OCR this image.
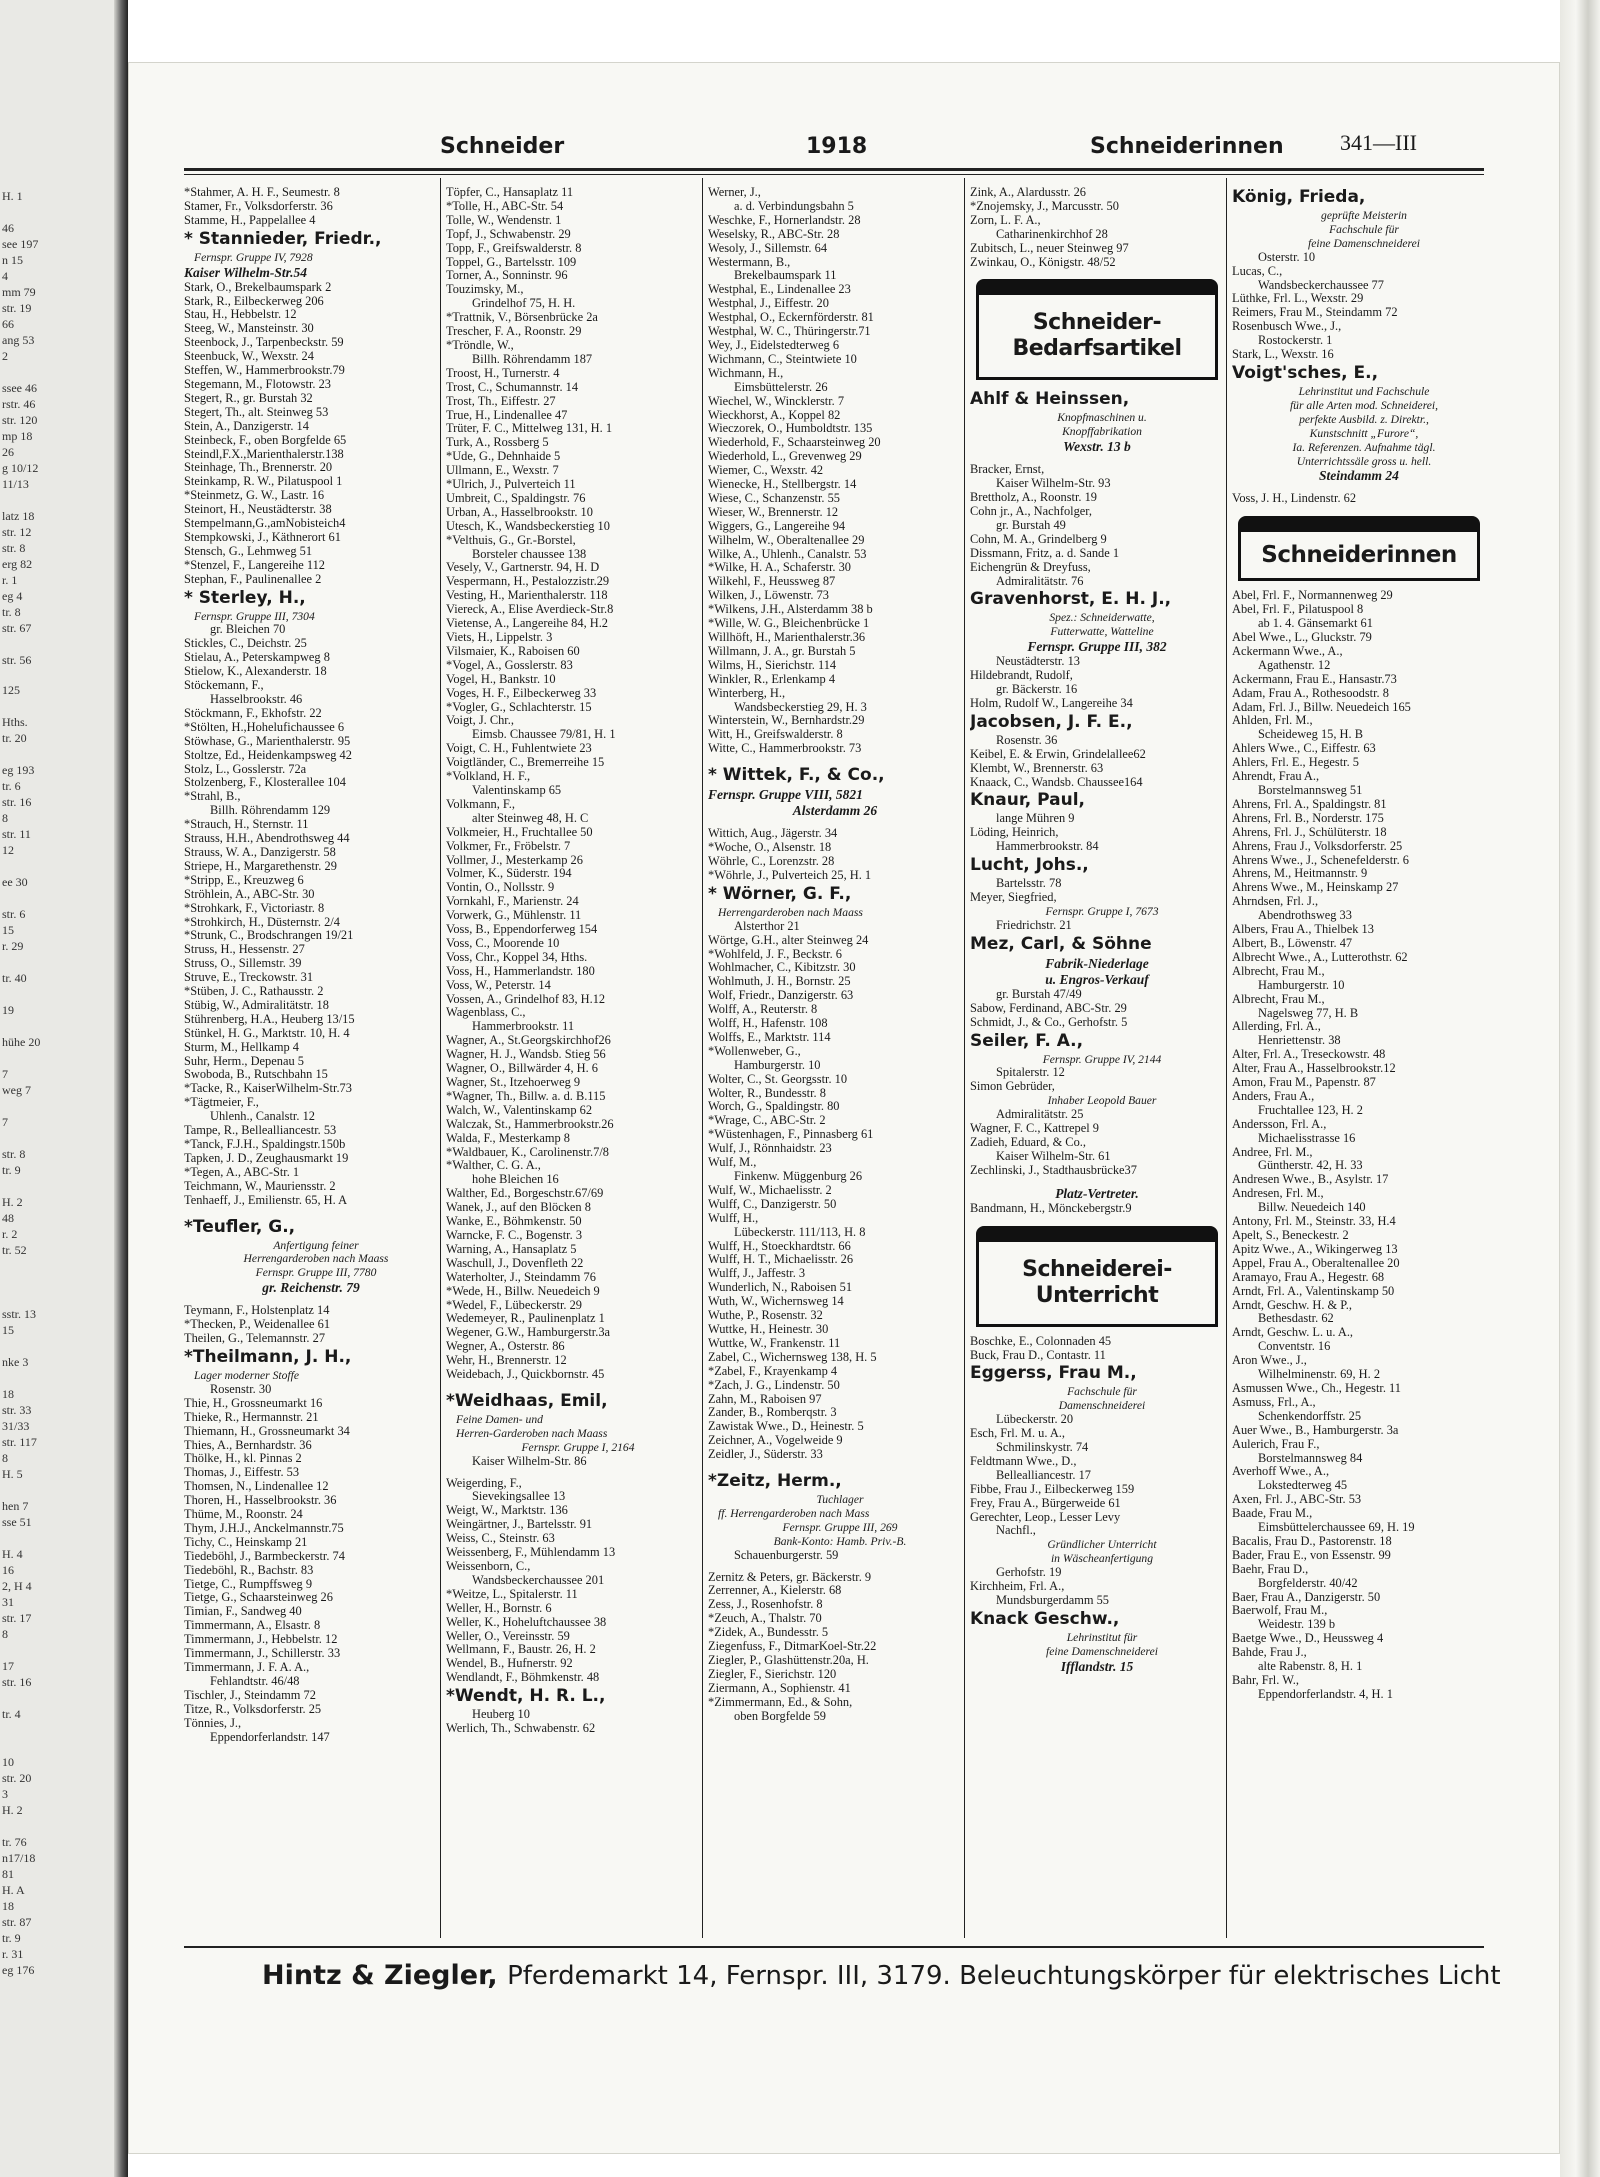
H. 1
46
see 197
n 15
4
mm 79
str. 19
66
ang 53
2
ssee 46
rstr. 46
str. 120
mp 18
26
g 10/12
11/13
latz 18
str. 12
str. 8
erg 82
r. 1
eg 4
tr. 8
str. 67
str. 56
125
Hths.
tr. 20
eg 193
tr. 6
str. 16
8
str. 11
12
ee 30
str. 6
15
r. 29
tr. 40
19
hühe 20
7
weg 7
7
str. 8
tr. 9
H. 2
48
r. 2
tr. 52
sstr. 13
15
nke 3
18
str. 33
31/33
str. 117
8
H. 5
hen 7
sse 51
H. 4
16
2, H 4
31
str. 17
8
17
str. 16
tr. 4
10
str. 20
3
H. 2
tr. 76
n17/18
81
H. A
18
str. 87
tr. 9
r. 31
eg 176
Schneider	1918	Schneiderinnen	341—III
*Stahmer, A. H. F., Seumestr. 8
Stamer, Fr., Volksdorferstr. 36
Stamme, H., Pappelallee 4
* Stannieder, Friedr.,
Fernspr. Gruppe IV, 7928
Kaiser Wilhelm-Str.54
Stark, O., Brekelbaumspark 2
Stark, R., Eilbeckerweg 206
Stau, H., Hebbelstr. 12
Steeg, W., Mansteinstr. 30
Steenbock, J., Tarpenbeckstr. 59
Steenbuck, W., Wexstr. 24
Steffen, W., Hammerbrookstr.79
Stegemann, M., Flotowstr. 23
Stegert, R., gr. Burstah 32
Stegert, Th., alt. Steinweg 53
Stein, A., Danzigerstr. 14
Steinbeck, F., oben Borgfelde 65
Steindl,F.X.,Marienthalerstr.138
Steinhage, Th., Brennerstr. 20
Steinkamp, R. W., Pilatuspool 1
*Steinmetz, G. W., Lastr. 16
Steinort, H., Neustädterstr. 38
Stempelmann,G.,amNobisteich4
Stempkowski, J., Käthnerort 61
Stensch, G., Lehmweg 51
*Stenzel, F., Langereihe 112
Stephan, F., Paulinenallee 2
* Sterley, H.,
Fernspr. Gruppe III, 7304
gr. Bleichen 70
Stickles, C., Deichstr. 25
Stielau, A., Peterskampweg 8
Stielow, K., Alexanderstr. 18
Stöckemann, F.,
Hasselbrookstr. 46
Stöckmann, F., Ekhofstr. 22
*Stölten, H.,Hohelufichaussee 6
Stöwhase, G., Marienthalerstr. 95
Stoltze, Ed., Heidenkampsweg 42
Stolz, L., Gosslerstr. 72a
Stolzenberg, F., Klosterallee 104
*Strahl, B.,
Billh. Röhrendamm 129
*Strauch, H., Sternstr. 11
Strauss, H.H., Abendrothsweg 44
Strauss, W. A., Danzigerstr. 58
Striepe, H., Margarethenstr. 29
*Stripp, E., Kreuzweg 6
Ströhlein, A., ABC-Str. 30
*Strohkark, F., Victoriastr. 8
*Strohkirch, H., Düsternstr. 2/4
*Strunk, C., Brodschrangen 19/21
Struss, H., Hessenstr. 27
Struss, O., Sillemstr. 39
Struve, E., Treckowstr. 31
*Stüben, J. C., Rathausstr. 2
Stübig, W., Admiralitätstr. 18
Stührenberg, H.A., Heuberg 13/15
Stünkel, H. G., Marktstr. 10, H. 4
Sturm, M., Hellkamp 4
Suhr, Herm., Depenau 5
Swoboda, B., Rutschbahn 15
*Tacke, R., KaiserWilhelm-Str.73
*Tägtmeier, F.,
Uhlenh., Canalstr. 12
Tampe, R., Bellealliancestr. 53
*Tanck, F.J.H., Spaldingstr.150b
Tapken, J. D., Zeughausmarkt 19
*Tegen, A., ABC-Str. 1
Teichmann, W., Mauriensstr. 2
Tenhaeff, J., Emilienstr. 65, H. A
*Teufler, G.,
Anfertigung feiner
Herrengarderoben nach Maass
Fernspr. Gruppe III, 7780
gr. Reichenstr. 79
Teymann, F., Holstenplatz 14
*Thecken, P., Weidenallee 61
Theilen, G., Telemannstr. 27
*Theilmann, J. H.,
Lager moderner Stoffe
Rosenstr. 30
Thie, H., Grossneumarkt 16
Thieke, R., Hermannstr. 21
Thiemann, H., Grossneumarkt 34
Thies, A., Bernhardstr. 36
Thölke, H., kl. Pinnas 2
Thomas, J., Eiffestr. 53
Thomsen, N., Lindenallee 12
Thoren, H., Hasselbrookstr. 36
Thüme, M., Roonstr. 24
Thym, J.H.J., Anckelmannstr.75
Tichy, C., Heinskamp 21
Tiedeböhl, J., Barmbeckerstr. 74
Tiedeböhl, R., Bachstr. 83
Tietge, C., Rumpffsweg 9
Tietge, G., Schaarsteinweg 26
Timian, F., Sandweg 40
Timmermann, A., Elsastr. 8
Timmermann, J., Hebbelstr. 12
Timmermann, J., Schillerstr. 33
Timmermann, J. F. A. A.,
Fehlandtstr. 46/48
Tischler, J., Steindamm 72
Titze, R., Volksdorferstr. 25
Tönnies, J.,
Eppendorferlandstr. 147
Töpfer, C., Hansaplatz 11
*Tolle, H., ABC-Str. 54
Tolle, W., Wendenstr. 1
Topf, J., Schwabenstr. 29
Topp, F., Greifswalderstr. 8
Toppel, G., Bartelsstr. 109
Torner, A., Sonninstr. 96
Touzimsky, M.,
Grindelhof 75, H. H.
*Trattnik, V., Börsenbrücke 2a
Trescher, F. A., Roonstr. 29
*Tröndle, W.,
Billh. Röhrendamm 187
Troost, H., Turnerstr. 4
Trost, C., Schumannstr. 14
Trost, Th., Eiffestr. 27
True, H., Lindenallee 47
Trüter, F. C., Mittelweg 131, H. 1
Turk, A., Rossberg 5
*Ude, G., Dehnhaide 5
Ullmann, E., Wexstr. 7
*Ulrich, J., Pulverteich 11
Umbreit, C., Spaldingstr. 76
Urban, A., Hasselbrookstr. 10
Utesch, K., Wandsbeckerstieg 10
*Velthuis, G., Gr.-Borstel,
Borsteler chaussee 138
Vesely, V., Gartnerstr. 94, H. D
Vespermann, H., Pestalozzistr.29
Vesting, H., Marienthalerstr. 118
Viereck, A., Elise Averdieck-Str.8
Vietense, A., Langereihe 84, H.2
Viets, H., Lippelstr. 3
Vilsmaier, K., Raboisen 60
*Vogel, A., Gosslerstr. 83
Vogel, H., Bankstr. 10
Voges, H. F., Eilbeckerweg 33
*Vogler, G., Schlachterstr. 15
Voigt, J. Chr.,
Eimsb. Chaussee 79/81, H. 1
Voigt, C. H., Fuhlentwiete 23
Voigtländer, C., Bremerreihe 15
*Volkland, H. F.,
Valentinskamp 65
Volkmann, F.,
alter Steinweg 48, H. C
Volkmeier, H., Fruchtallee 50
Volkmer, Fr., Fröbelstr. 7
Vollmer, J., Mesterkamp 26
Volmer, K., Süderstr. 194
Vontin, O., Nollsstr. 9
Vornkahl, F., Marienstr. 24
Vorwerk, G., Mühlenstr. 11
Voss, B., Eppendorferweg 154
Voss, C., Moorende 10
Voss, Chr., Koppel 34, Hths.
Voss, H., Hammerlandstr. 180
Voss, W., Peterstr. 14
Vossen, A., Grindelhof 83, H.12
Wagenblass, C.,
Hammerbrookstr. 11
Wagner, A., St.Georgskirchhof26
Wagner, H. J., Wandsb. Stieg 56
Wagner, O., Billwärder 4, H. 6
Wagner, St., Itzehoerweg 9
*Wagner, Th., Billw. a. d. B.115
Walch, W., Valentinskamp 62
Walczak, St., Hammerbrookstr.26
Walda, F., Mesterkamp 8
*Waldbauer, K., Carolinenstr.7/8
*Walther, C. G. A.,
hohe Bleichen 16
Walther, Ed., Borgeschstr.67/69
Wanek, J., auf den Blöcken 8
Wanke, E., Böhmkenstr. 50
Warncke, F. C., Bogenstr. 3
Warning, A., Hansaplatz 5
Waschull, J., Dovenfleth 22
Waterholter, J., Steindamm 76
*Wede, H., Billw. Neuedeich 9
*Wedel, F., Lübeckerstr. 29
Wedemeyer, R., Paulinenplatz 1
Wegener, G.W., Hamburgerstr.3a
Wegner, A., Osterstr. 86
Wehr, H., Brennerstr. 12
Weidebach, J., Quickbornstr. 45
*Weidhaas, Emil,
Feine Damen- und
Herren-Garderoben nach Maass
Fernspr. Gruppe I, 2164
Kaiser Wilhelm-Str. 86
Weigerding, F.,
Sievekingsallee 13
Weigt, W., Marktstr. 136
Weingärtner, J., Bartelsstr. 91
Weiss, C., Steinstr. 63
Weissenberg, F., Mühlendamm 13
Weissenborn, C.,
Wandsbeckerchaussee 201
*Weitze, L., Spitalerstr. 11
Weller, H., Bornstr. 6
Weller, K., Hoheluftchaussee 38
Weller, O., Vereinsstr. 59
Wellmann, F., Baustr. 26, H. 2
Wendel, B., Hufnerstr. 92
Wendlandt, F., Böhmkenstr. 48
*Wendt, H. R. L.,
Heuberg 10
Werlich, Th., Schwabenstr. 62
Werner, J.,
a. d. Verbindungsbahn 5
Weschke, F., Hornerlandstr. 28
Weselsky, R., ABC-Str. 28
Wesoly, J., Sillemstr. 64
Westermann, B.,
Brekelbaumspark 11
Westphal, E., Lindenallee 23
Westphal, J., Eiffestr. 20
Westphal, O., Eckernförderstr. 81
Westphal, W. C., Thüringerstr.71
Wey, J., Eidelstedterweg 6
Wichmann, C., Steintwiete 10
Wichmann, H.,
Eimsbüttelerstr. 26
Wiechel, W., Wincklerstr. 7
Wieckhorst, A., Koppel 82
Wieczorek, O., Humboldtstr. 135
Wiederhold, F., Schaarsteinweg 20
Wiederhold, L., Grevenweg 29
Wiemer, C., Wexstr. 42
Wienecke, H., Stellbergstr. 14
Wiese, C., Schanzenstr. 55
Wieser, W., Brennerstr. 12
Wiggers, G., Langereihe 94
Wilhelm, W., Oberaltenallee 29
Wilke, A., Uhlenh., Canalstr. 53
*Wilke, H. A., Schaferstr. 30
Wilkehl, F., Heussweg 87
Wilken, J., Löwenstr. 73
*Wilkens, J.H., Alsterdamm 38 b
*Wille, W. G., Bleichenbrücke 1
Willhöft, H., Marienthalerstr.36
Willmann, J. A., gr. Burstah 5
Wilms, H., Sierichstr. 114
Winkler, R., Erlenkamp 4
Winterberg, H.,
Wandsbeckerstieg 29, H. 3
Winterstein, W., Bernhardstr.29
Witt, H., Greifswalderstr. 8
Witte, C., Hammerbrookstr. 73
* Wittek, F., & Co.,
Fernspr. Gruppe VIII, 5821
Alsterdamm 26
Wittich, Aug., Jägerstr. 34
*Woche, O., Alsenstr. 18
Wöhrle, C., Lorenzstr. 28
*Wöhrle, J., Pulverteich 25, H. 1
* Wörner, G. F.,
Herrengarderoben nach Maass
Alsterthor 21
Wörtge, G.H., alter Steinweg 24
*Wohlfeld, J. F., Beckstr. 6
Wohlmacher, C., Kibitzstr. 30
Wohlmuth, J. H., Bornstr. 25
Wolf, Friedr., Danzigerstr. 63
Wolff, A., Reuterstr. 8
Wolff, H., Hafenstr. 108
Wolffs, E., Marktstr. 114
*Wollenweber, G.,
Hamburgerstr. 10
Wolter, C., St. Georgsstr. 10
Wolter, R., Bundesstr. 8
Worch, G., Spaldingstr. 80
*Wrage, C., ABC-Str. 2
*Wüstenhagen, F., Pinnasberg 61
Wulf, J., Rönnhaidstr. 23
Wulf, M.,
Finkenw. Müggenburg 26
Wulf, W., Michaelisstr. 2
Wulff, C., Danzigerstr. 50
Wulff, H.,
Lübeckerstr. 111/113, H. 8
Wulff, H., Stoeckhardtstr. 66
Wulff, H. T., Michaelisstr. 26
Wulff, J., Jaffestr. 3
Wunderlich, N., Raboisen 51
Wuth, W., Wichernsweg 14
Wuthe, P., Rosenstr. 32
Wuttke, H., Heinestr. 30
Wuttke, W., Frankenstr. 11
Zabel, C., Wichernsweg 138, H. 5
*Zabel, F., Krayenkamp 4
*Zach, J. G., Lindenstr. 50
Zahn, M., Raboisen 97
Zander, B., Romberqstr. 3
Zawistak Wwe., D., Heinestr. 5
Zeichner, A., Vogelweide 9
Zeidler, J., Süderstr. 33
*Zeitz, Herm.,
Tuchlager
ff. Herrengarderoben nach Mass
Fernspr. Gruppe III, 269
Bank-Konto: Hamb. Priv.-B.
Schauenburgerstr. 59
Zernitz & Peters, gr. Bäckerstr. 9
Zerrenner, A., Kielerstr. 68
Zess, J., Rosenhofstr. 8
*Zeuch, A., Thalstr. 70
*Zidek, A., Bundesstr. 5
Ziegenfuss, F., DitmarKoel-Str.22
Ziegler, P., Glashüttenstr.20a, H.
Ziegler, F., Sierichstr. 120
Ziermann, A., Sophienstr. 41
*Zimmermann, Ed., & Sohn,
oben Borgfelde 59
Zink, A., Alardusstr. 26
*Znojemsky, J., Marcusstr. 50
Zorn, L. F. A.,
Catharinenkirchhof 28
Zubitsch, L., neuer Steinweg 97
Zwinkau, O., Königstr. 48/52
Schneider-
Bedarfsartikel
Ahlf & Heinssen,
Knopfmaschinen u.
Knopffabrikation
Wexstr. 13 b
Bracker, Ernst,
Kaiser Wilhelm-Str. 93
Brettholz, A., Roonstr. 19
Cohn jr., A., Nachfolger,
gr. Burstah 49
Cohn, M. A., Grindelberg 9
Dissmann, Fritz, a. d. Sande 1
Eichengrün & Dreyfuss,
Admiralitätstr. 76
Gravenhorst, E. H. J.,
Spez.: Schneiderwatte,
Futterwatte, Watteline
Fernspr. Gruppe III, 382
Neustädterstr. 13
Hildebrandt, Rudolf,
gr. Bäckerstr. 16
Holm, Rudolf W., Langereihe 34
Jacobsen, J. F. E.,
Rosenstr. 36
Keibel, E. & Erwin, Grindelallee62
Klembt, W., Brennerstr. 63
Knaack, C., Wandsb. Chaussee164
Knaur, Paul,
lange Mühren 9
Löding, Heinrich,
Hammerbrookstr. 84
Lucht, Johs.,
Bartelsstr. 78
Meyer, Siegfried,
Fernspr. Gruppe I, 7673
Friedrichstr. 21
Mez, Carl, & Söhne
Fabrik-Niederlage
u. Engros-Verkauf
gr. Burstah 47/49
Sabow, Ferdinand, ABC-Str. 29
Schmidt, J., & Co., Gerhofstr. 5
Seiler, F. A.,
Fernspr. Gruppe IV, 2144
Spitalerstr. 12
Simon Gebrüder,
Inhaber Leopold Bauer
Admiralitätstr. 25
Wagner, F. C., Kattrepel 9
Zadieh, Eduard, & Co.,
Kaiser Wilhelm-Str. 61
Zechlinski, J., Stadthausbrücke37
Platz-Vertreter.
Bandmann, H., Mönckebergstr.9
Schneiderei-
Unterricht
Boschke, E., Colonnaden 45
Buck, Frau D., Contastr. 11
Eggerss, Frau M.,
Fachschule für
Damenschneiderei
Lübeckerstr. 20
Esch, Frl. M. u. A.,
Schmilinskystr. 74
Feldtmann Wwe., D.,
Bellealliancestr. 17
Fibbe, Frau J., Eilbeckerweg 159
Frey, Frau A., Bürgerweide 61
Gerechter, Leop., Lesser Levy
Nachfl.,
Gründlicher Unterricht
in Wäscheanfertigung
Gerhofstr. 19
Kirchheim, Frl. A.,
Mundsburgerdamm 55
Knack Geschw.,
Lehrinstitut für
feine Damenschneiderei
Ifflandstr. 15
König, Frieda,
geprüfte Meisterin
Fachschule für
feine Damenschneiderei
Osterstr. 10
Lucas, C.,
Wandsbeckerchaussee 77
Lüthke, Frl. L., Wexstr. 29
Reimers, Frau M., Steindamm 72
Rosenbusch Wwe., J.,
Rostockerstr. 1
Stark, L., Wexstr. 16
Voigt'sches, E.,
Lehrinstitut und Fachschule
für alle Arten mod. Schneiderei,
perfekte Ausbild. z. Direktr.,
Kunstschnitt „Furore“,
Ia. Referenzen. Aufnahme tägl.
Unterrichtssäle gross u. hell.
Steindamm 24
Voss, J. H., Lindenstr. 62
Schneiderinnen
Abel, Frl. F., Normannenweg 29
Abel, Frl. F., Pilatuspool 8
ab 1. 4. Gänsemarkt 61
Abel Wwe., L., Gluckstr. 79
Ackermann Wwe., A.,
Agathenstr. 12
Ackermann, Frau E., Hansastr.73
Adam, Frau A., Rothesoodstr. 8
Adam, Frl. J., Billw. Neuedeich 165
Ahlden, Frl. M.,
Scheideweg 15, H. B
Ahlers Wwe., C., Eiffestr. 63
Ahlers, Frl. E., Hegestr. 5
Ahrendt, Frau A.,
Borstelmannsweg 51
Ahrens, Frl. A., Spaldingstr. 81
Ahrens, Frl. B., Norderstr. 175
Ahrens, Frl. J., Schülüterstr. 18
Ahrens, Frau J., Volksdorferstr. 25
Ahrens Wwe., J., Schenefelderstr. 6
Ahrens, M., Heitmannstr. 9
Ahrens Wwe., M., Heinskamp 27
Ahrndsen, Frl. J.,
Abendrothsweg 33
Albers, Frau A., Thielbek 13
Albert, B., Löwenstr. 47
Albrecht Wwe., A., Lutterothstr. 62
Albrecht, Frau M.,
Hamburgerstr. 10
Albrecht, Frau M.,
Nagelsweg 77, H. B
Allerding, Frl. A.,
Henriettenstr. 38
Alter, Frl. A., Treseckowstr. 48
Alter, Frau A., Hasselbrookstr.12
Amon, Frau M., Papenstr. 87
Anders, Frau A.,
Fruchtallee 123, H. 2
Andersson, Frl. A.,
Michaelisstrasse 16
Andree, Frl. M.,
Güntherstr. 42, H. 33
Andresen Wwe., B., Asylstr. 17
Andresen, Frl. M.,
Billw. Neuedeich 140
Antony, Frl. M., Steinstr. 33, H.4
Apelt, S., Beneckestr. 2
Apitz Wwe., A., Wikingerweg 13
Appel, Frau A., Oberaltenallee 20
Aramayo, Frau A., Hegestr. 68
Arndt, Frl. A., Valentinskamp 50
Arndt, Geschw. H. & P.,
Bethesdastr. 62
Arndt, Geschw. L. u. A.,
Conventstr. 16
Aron Wwe., J.,
Wilhelminenstr. 69, H. 2
Asmussen Wwe., Ch., Hegestr. 11
Asmuss, Frl., A.,
Schenkendorffstr. 25
Auer Wwe., B., Hamburgerstr. 3a
Aulerich, Frau F.,
Borstelmannsweg 84
Averhoff Wwe., A.,
Lokstedterweg 45
Axen, Frl. J., ABC-Str. 53
Baade, Frau M.,
Eimsbüttelerchaussee 69, H. 19
Bacalis, Frau D., Pastorenstr. 18
Bader, Frau E., von Essenstr. 99
Baehr, Frau D.,
Borgfelderstr. 40/42
Baer, Frau A., Danzigerstr. 50
Baerwolf, Frau M.,
Weidestr. 139 b
Baetge Wwe., D., Heussweg 4
Bahde, Frau J.,
alte Rabenstr. 8, H. 1
Bahr, Frl. W.,
Eppendorferlandstr. 4, H. 1
Hintz & Ziegler, Pferdemarkt 14, Fernspr. III, 3179. Beleuchtungskörper für elektrisches Licht
